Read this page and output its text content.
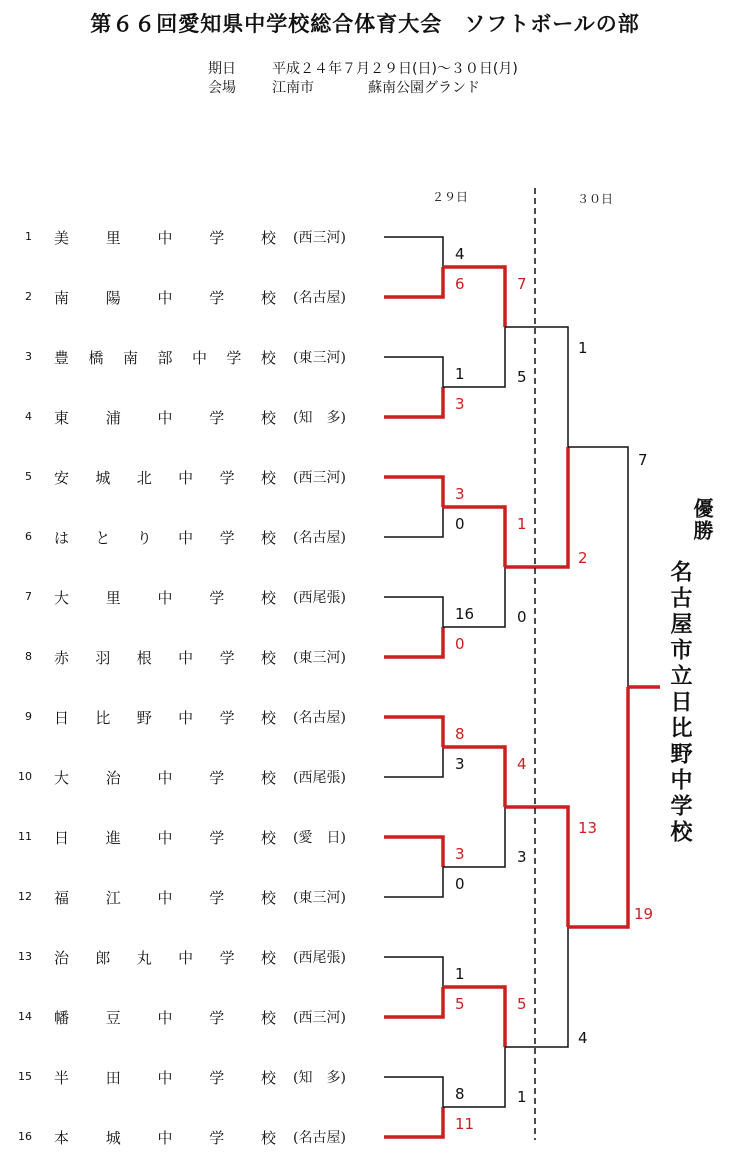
第６６回愛知県中学校総合体育大会　ソフトボールの部
期日	平成２４年７月２９日(日)～３０日(月)
会場	江南市	蘇南公園グランド
２９日	３０日
1 美 里 中 学 校 (西三河)
2 南 陽 中 学 校 (名古屋)
3 豊 橋 南 部 中 学 校 (東三河)
4 東 浦 中 学 校 (知　多)
5 安 城 北 中 学 校 (西三河)
6 は と り 中 学 校 (名古屋)
7 大 里 中 学 校 (西尾張)
8 赤 羽 根 中 学 校 (東三河)
9 日 比 野 中 学 校 (名古屋)
10 大 治 中 学 校 (西尾張)
11 日 進 中 学 校 (愛　日)
12 福 江 中 学 校 (東三河)
13 治 郎 丸 中 学 校 (西尾張)
14 幡 豆 中 学 校 (西三河)
15 半 田 中 学 校 (知　多)
16 本 城 中 学 校 (名古屋)
4
6
1
3
3
0
16
0
8
3
3
0
1
5
8
11
7
5
1
0
4
3
5
1
1
2
13
4
7
19
優勝
名古屋市立日比野中学校
